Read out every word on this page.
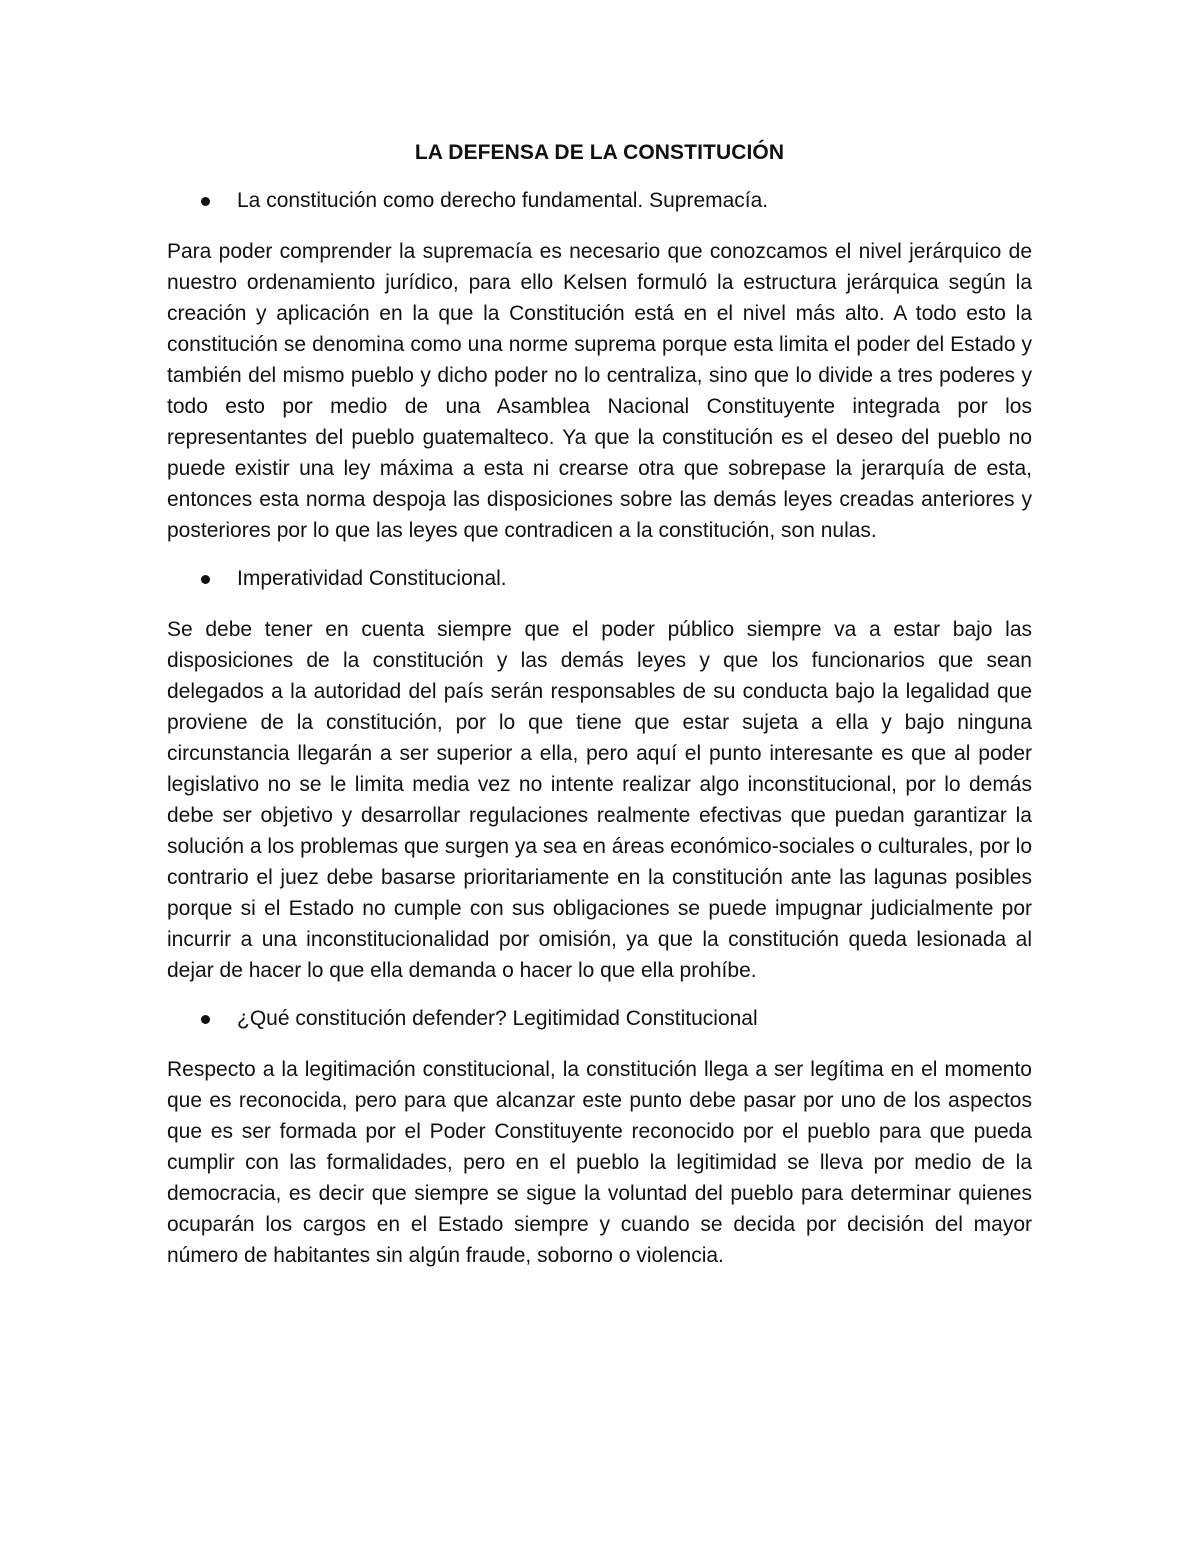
LA DEFENSA DE LA CONSTITUCIÓN
La constitución como derecho fundamental. Supremacía.

Para poder comprender la supremacía es necesario que conozcamos el nivel jerárquico de nuestro ordenamiento jurídico, para ello Kelsen formuló la estructura jerárquica según la creación y aplicación en la que la Constitución está en el nivel más alto. A todo esto la constitución se denomina como una norme suprema porque esta limita el poder del Estado y también del mismo pueblo y dicho poder no lo centraliza, sino que lo divide a tres poderes y todo esto por medio de una Asamblea Nacional Constituyente integrada por los representantes del pueblo guatemalteco. Ya que la constitución es el deseo del pueblo no puede existir una ley máxima a esta ni crearse otra que sobrepase la jerarquía de esta, entonces esta norma despoja las disposiciones sobre las demás leyes creadas anteriores y posteriores por lo que las leyes que contradicen a la constitución, son nulas.

Imperatividad Constitucional.

Se debe tener en cuenta siempre que el poder público siempre va a estar bajo las disposiciones de la constitución y las demás leyes y que los funcionarios que sean delegados a la autoridad del país serán responsables de su conducta bajo la legalidad que proviene de la constitución, por lo que tiene que estar sujeta a ella y bajo ninguna circunstancia llegarán a ser superior a ella, pero aquí el punto interesante es que al poder legislativo no se le limita media vez no intente realizar algo inconstitucional, por lo demás debe ser objetivo y desarrollar regulaciones realmente efectivas que puedan garantizar la solución a los problemas que surgen ya sea en áreas económico-sociales o culturales, por lo contrario el juez debe basarse prioritariamente en la constitución ante las lagunas posibles porque si el Estado no cumple con sus obligaciones se puede impugnar judicialmente por incurrir a una inconstitucionalidad por omisión, ya que la constitución queda lesionada al dejar de hacer lo que ella demanda o hacer lo que ella prohíbe.

¿Qué constitución defender? Legitimidad Constitucional

Respecto a la legitimación constitucional, la constitución llega a ser legítima en el momento que es reconocida, pero para que alcanzar este punto debe pasar por uno de los aspectos que es ser formada por el Poder Constituyente reconocido por el pueblo para que pueda cumplir con las formalidades, pero en el pueblo la legitimidad se lleva por medio de la democracia, es decir que siempre se sigue la voluntad del pueblo para determinar quienes ocuparán los cargos en el Estado siempre y cuando se decida por decisión del mayor número de habitantes sin algún fraude, soborno o violencia.
